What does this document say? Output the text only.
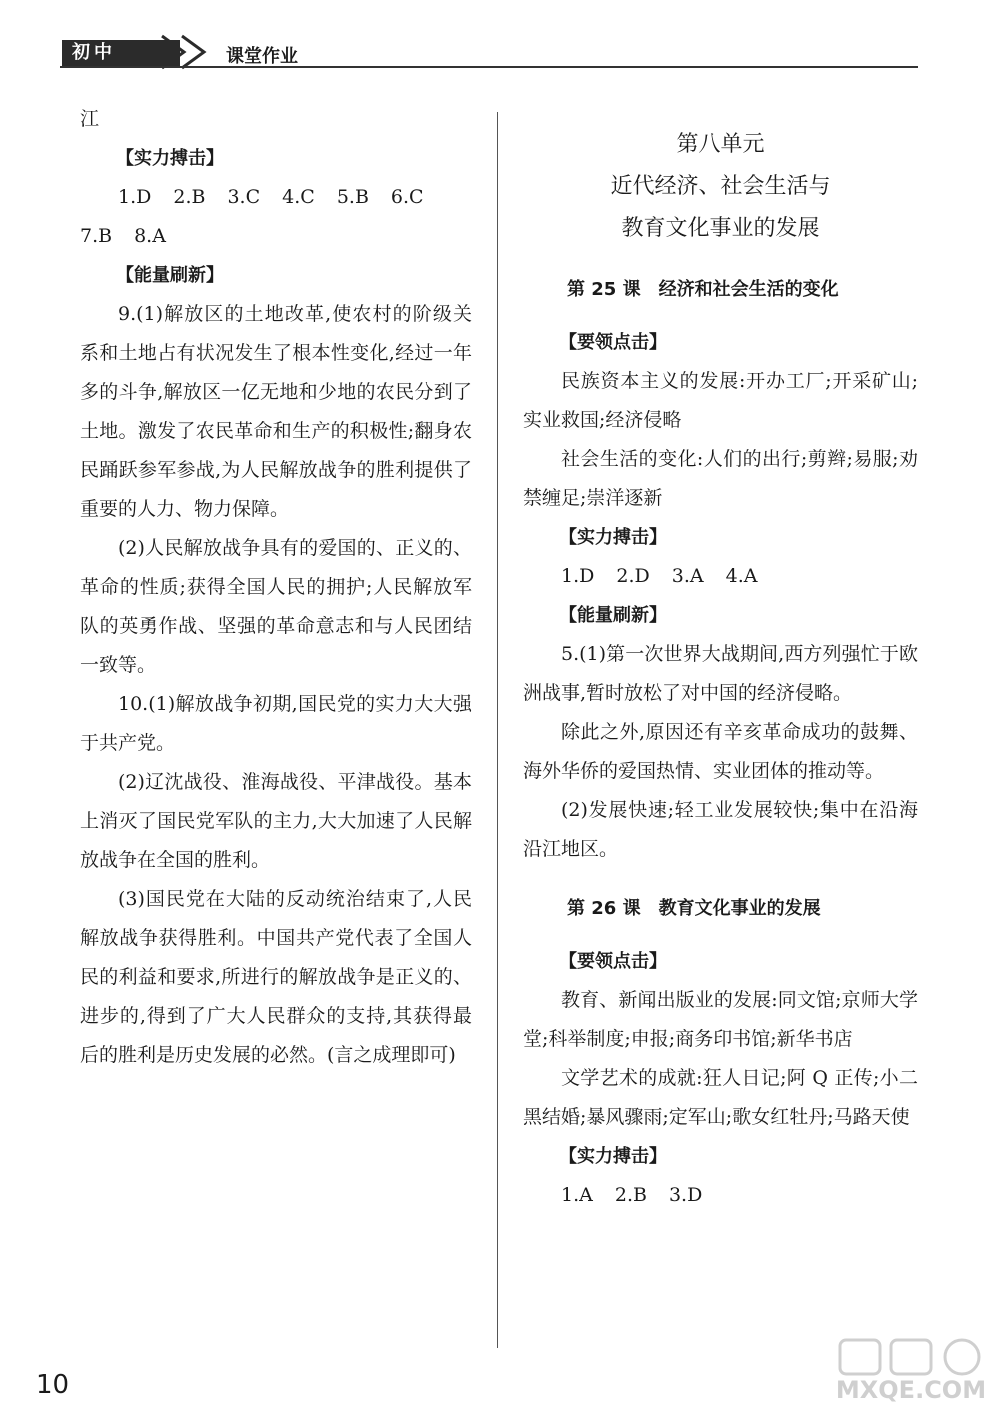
初中	课堂作业

江

【实力搏击】

1.D 2.B 3.C 4.C 5.B 6.C

7.B 8.A

【能量刷新】

9.(1)解放区的土地改革,使农村的阶级关系和土地占有状况发生了根本性变化,经过一年多的斗争,解放区一亿无地和少地的农民分到了土地。激发了农民革命和生产的积极性;翻身农民踊跃参军参战,为人民解放战争的胜利提供了重要的人力、物力保障。

(2)人民解放战争具有的爱国的、正义的、革命的性质;获得全国人民的拥护;人民解放军队的英勇作战、坚强的革命意志和与人民团结一致等。

10.(1)解放战争初期,国民党的实力大大强于共产党。

(2)辽沈战役、淮海战役、平津战役。基本上消灭了国民党军队的主力,大大加速了人民解放战争在全国的胜利。

(3)国民党在大陆的反动统治结束了,人民解放战争获得胜利。中国共产党代表了全国人民的利益和要求,所进行的解放战争是正义的、进步的,得到了广大人民群众的支持,其获得最后的胜利是历史发展的必然。(言之成理即可)

第八单元

近代经济、社会生活与

教育文化事业的发展

第 25 课 经济和社会生活的变化

【要领点击】

民族资本主义的发展:开办工厂;开采矿山;实业救国;经济侵略

社会生活的变化:人们的出行;剪辫;易服;劝禁缠足;崇洋逐新

【实力搏击】

1.D 2.D 3.A 4.A

【能量刷新】

5.(1)第一次世界大战期间,西方列强忙于欧洲战事,暂时放松了对中国的经济侵略。

除此之外,原因还有辛亥革命成功的鼓舞、海外华侨的爱国热情、实业团体的推动等。

(2)发展快速;轻工业发展较快;集中在沿海沿江地区。

第 26 课 教育文化事业的发展

【要领点击】

教育、新闻出版业的发展:同文馆;京师大学堂;科举制度;申报;商务印书馆;新华书店

文学艺术的成就:狂人日记;阿 Q 正传;小二黑结婚;暴风骤雨;定军山;歌女红牡丹;马路天使

【实力搏击】

1.A 2.B 3.D

10	MXQE.COM
